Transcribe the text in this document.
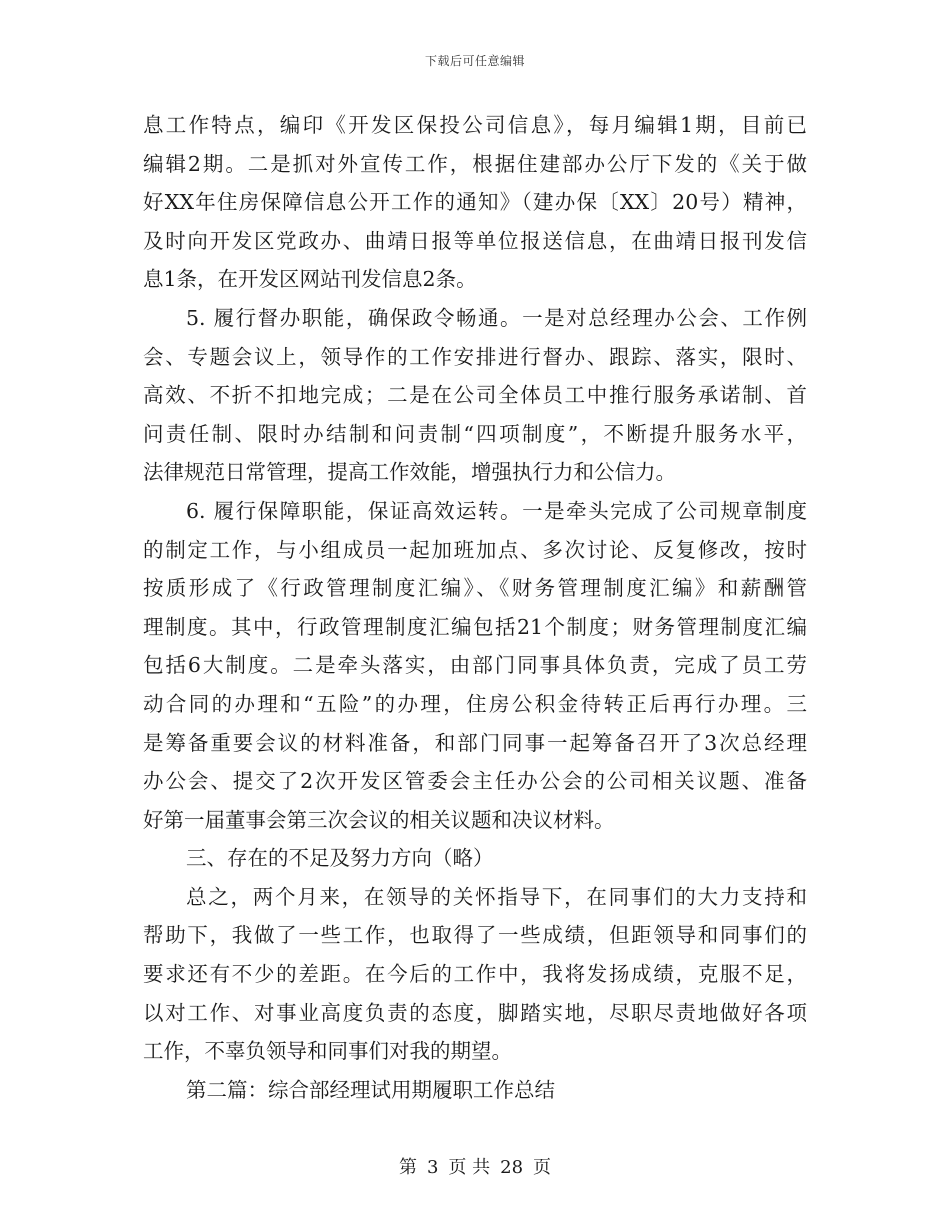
下载后可任意编辑
息工作特点，编印《开发区保投公司信息》，每月编辑1期，目前已
编辑2期。二是抓对外宣传工作，根据住建部办公厅下发的《关于做
好XX年住房保障信息公开工作的通知》（建办保〔XX〕20号）精神，
及时向开发区党政办、曲靖日报等单位报送信息，在曲靖日报刊发信
息1条，在开发区网站刊发信息2条。
5. 履行督办职能，确保政令畅通。一是对总经理办公会、工作例
会、专题会议上，领导作的工作安排进行督办、跟踪、落实，限时、
高效、不折不扣地完成；二是在公司全体员工中推行服务承诺制、首
问责任制、限时办结制和问责制“四项制度”，不断提升服务水平，
法律规范日常管理，提高工作效能，增强执行力和公信力。
6. 履行保障职能，保证高效运转。一是牵头完成了公司规章制度
的制定工作，与小组成员一起加班加点、多次讨论、反复修改，按时
按质形成了《行政管理制度汇编》、《财务管理制度汇编》和薪酬管
理制度。其中，行政管理制度汇编包括21个制度；财务管理制度汇编
包括6大制度。二是牵头落实，由部门同事具体负责，完成了员工劳
动合同的办理和“五险”的办理，住房公积金待转正后再行办理。三
是筹备重要会议的材料准备，和部门同事一起筹备召开了3次总经理
办公会、提交了2次开发区管委会主任办公会的公司相关议题、准备
好第一届董事会第三次会议的相关议题和决议材料。
三、存在的不足及努力方向（略）
总之，两个月来，在领导的关怀指导下，在同事们的大力支持和
帮助下，我做了一些工作，也取得了一些成绩，但距领导和同事们的
要求还有不少的差距。在今后的工作中，我将发扬成绩，克服不足，
以对工作、对事业高度负责的态度，脚踏实地，尽职尽责地做好各项
工作，不辜负领导和同事们对我的期望。
第二篇：综合部经理试用期履职工作总结
第 3 页 共 28 页
